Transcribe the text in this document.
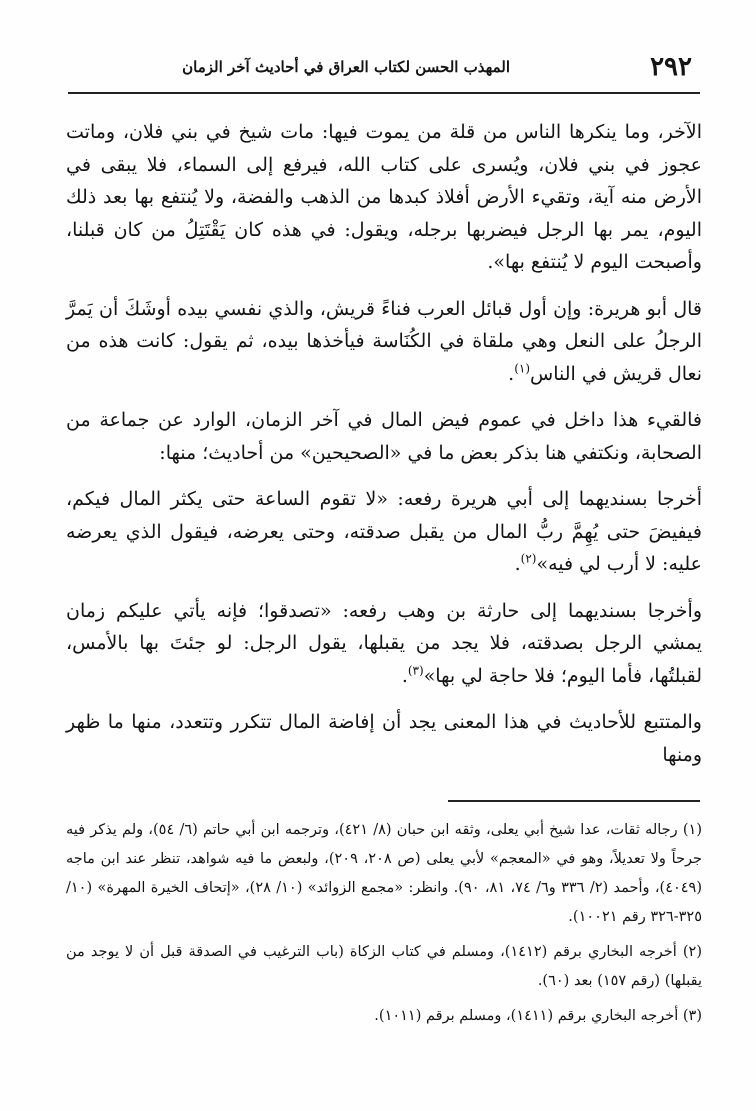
المهذب الحسن لكتاب العراق في أحاديث آخر الزمان	٢٩٢

الآخر، وما ينكرها الناس من قلة من يموت فيها: مات شيخ في بني فلان، وماتت عجوز في بني فلان، ويُسرى على كتاب الله، فيرفع إلى السماء، فلا يبقى في الأرض منه آية، وتقيء الأرض أفلاذ كبدها من الذهب والفضة، ولا يُنتفع بها بعد ذلك اليوم، يمر بها الرجل فيضربها برجله، ويقول: في هذه كان يَقْتَتِلُ من كان قبلنا، وأصبحت اليوم لا يُنتفع بها».

قال أبو هريرة: وإن أول قبائل العرب فناءً قريش، والذي نفسي بيده أوشَكَ أن يَمرَّ الرجلُ على النعل وهي ملقاة في الكُنَاسة فيأخذها بيده، ثم يقول: كانت هذه من نعال قريش في الناس$^{(١)}$.

فالقيء هذا داخل في عموم فيض المال في آخر الزمان، الوارد عن جماعة من الصحابة، ونكتفي هنا بذكر بعض ما في «الصحيحين» من أحاديث؛ منها:

أخرجا بسنديهما إلى أبي هريرة رفعه: «لا تقوم الساعة حتى يكثر المال فيكم، فيفيضَ حتى يُهِمَّ ربُّ المال من يقبل صدقته، وحتى يعرضه، فيقول الذي يعرضه عليه: لا أرب لي فيه»$^{(٢)}$.

وأخرجا بسنديهما إلى حارثة بن وهب رفعه: «تصدقوا؛ فإنه يأتي عليكم زمان يمشي الرجل بصدقته، فلا يجد من يقبلها، يقول الرجل: لو جئتَ بها بالأمس، لقبلتُها، فأما اليوم؛ فلا حاجة لي بها»$^{(٣)}$.

والمتتبع للأحاديث في هذا المعنى يجد أن إفاضة المال تتكرر وتتعدد، منها ما ظهر ومنها

(١) رجاله ثقات، عدا شيخ أبي يعلى، وثقه ابن حبان (٨/ ٤٢١)، وترجمه ابن أبي حاتم (٦/ ٥٤)، ولم يذكر فيه جرحاً ولا تعديلاً، وهو في «المعجم» لأبي يعلى (ص ٢٠٨، ٢٠٩)، ولبعض ما فيه شواهد، تنظر عند ابن ماجه (٤٠٤٩)، وأحمد (٢/ ٣٣٦ و٦/ ٧٤، ٨١، ٩٠). وانظر: «مجمع الزوائد» (١٠/ ٢٨)، «إتحاف الخيرة المهرة» (١٠/ ٣٢٥-٣٢٦ رقم ١٠٠٢١).

(٢) أخرجه البخاري برقم (١٤١٢)، ومسلم في كتاب الزكاة (باب الترغيب في الصدقة قبل أن لا يوجد من يقبلها) (رقم ١٥٧) بعد (٦٠).

(٣) أخرجه البخاري برقم (١٤١١)، ومسلم برقم (١٠١١).
